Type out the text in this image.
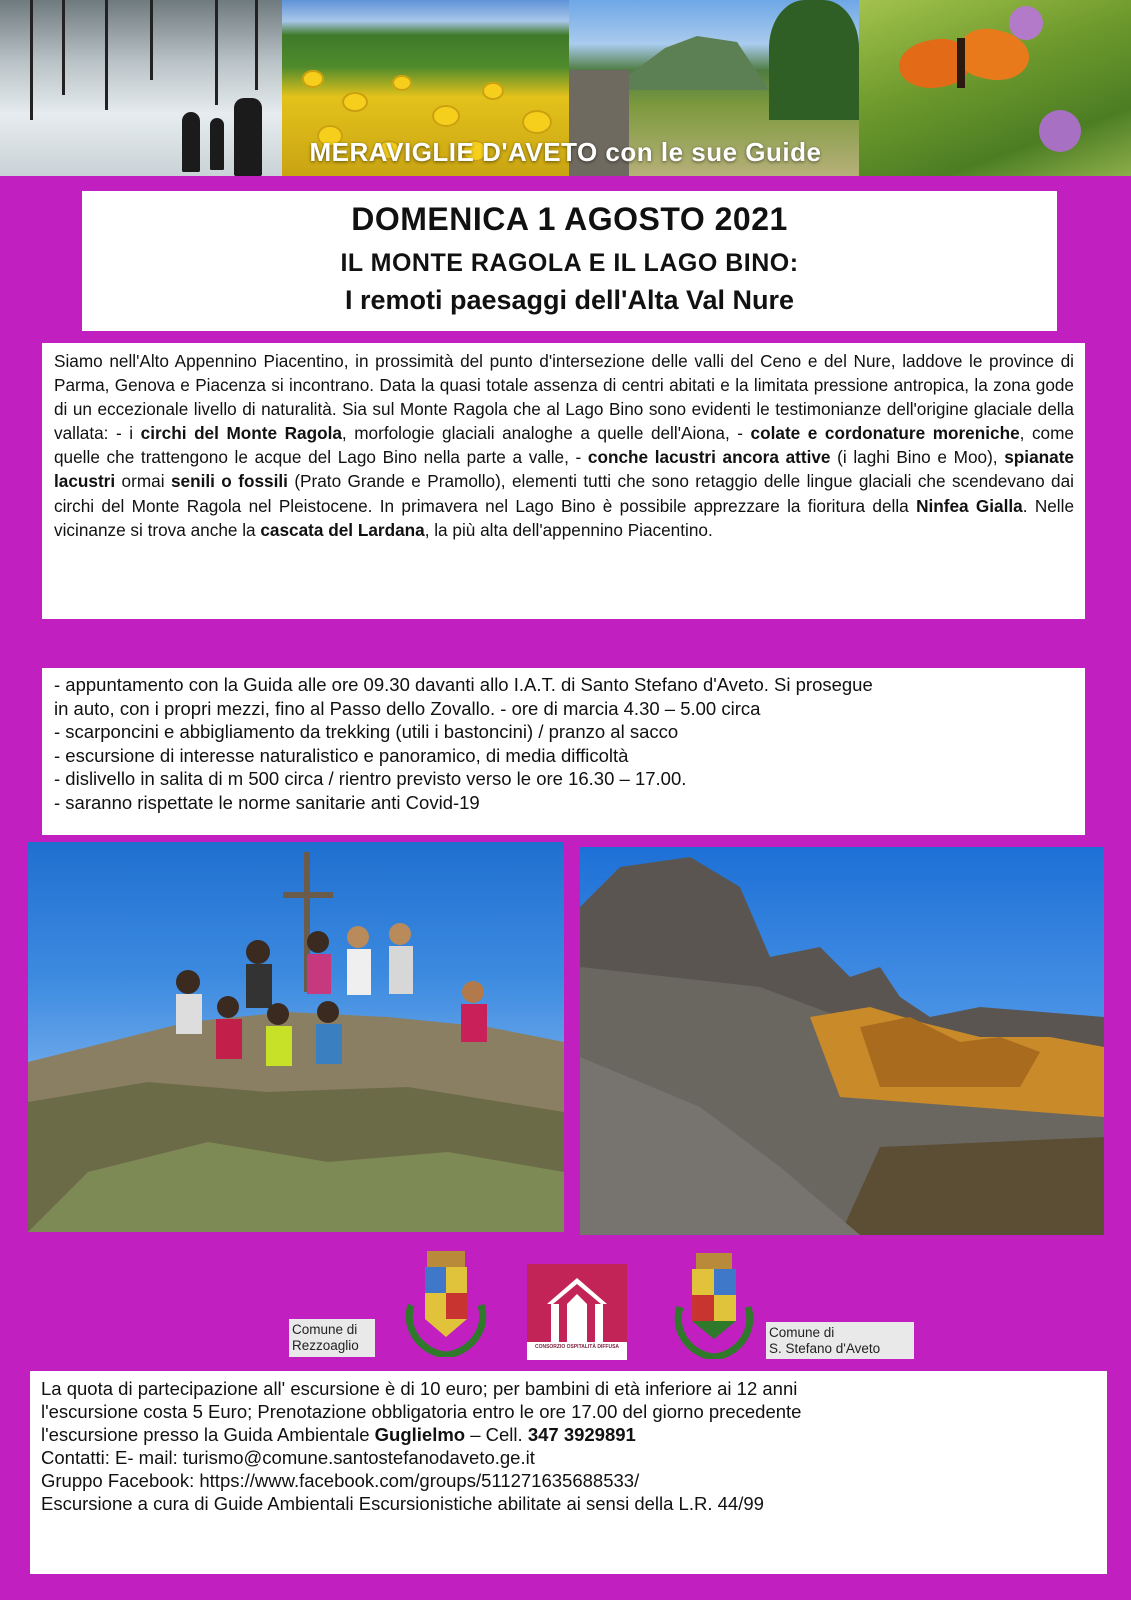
MERAVIGLIE D'AVETO con le sue Guide
DOMENICA 1 AGOSTO 2021
IL MONTE RAGOLA E IL LAGO BINO:
I remoti paesaggi dell'Alta Val Nure
Siamo nell'Alto Appennino Piacentino, in prossimità del punto d'intersezione delle valli del Ceno e del Nure, laddove le province di Parma, Genova e Piacenza si incontrano. Data la quasi totale assenza di centri abitati e la limitata pressione antropica, la zona gode di un eccezionale livello di naturalità. Sia sul Monte Ragola che al Lago Bino sono evidenti le testimonianze dell'origine glaciale della vallata: - i circhi del Monte Ragola, morfologie glaciali analoghe a quelle dell'Aiona, - colate e cordonature moreniche, come quelle che trattengono le acque del Lago Bino nella parte a valle, - conche lacustri ancora attive (i laghi Bino e Moo), spianate lacustri ormai senili o fossili (Prato Grande e Pramollo), elementi tutti che sono retaggio delle lingue glaciali che scendevano dai circhi del Monte Ragola nel Pleistocene. In primavera nel Lago Bino è possibile apprezzare la fioritura della Ninfea Gialla. Nelle vicinanze si trova anche la cascata del Lardana, la più alta dell'appennino Piacentino.
- appuntamento con la Guida alle ore 09.30 davanti allo I.A.T. di Santo Stefano d'Aveto. Si prosegue
in auto, con i propri mezzi, fino al Passo dello Zovallo. - ore di marcia 4.30 – 5.00 circa
- scarponcini e abbigliamento da trekking (utili i bastoncini) / pranzo al sacco
- escursione di interesse naturalistico e panoramico, di media difficoltà
- dislivello in salita di m 500 circa / rientro previsto verso le ore 16.30 – 17.00.
- saranno rispettate le norme sanitarie anti Covid-19
Comune di
Rezzoaglio	CONSORZIO OSPITALITÀ DIFFUSA
Comune di
S. Stefano d'Aveto
La quota di partecipazione all' escursione è di 10 euro; per bambini di età inferiore ai 12 anni
l'escursione costa 5 Euro; Prenotazione obbligatoria entro le ore 17.00 del giorno precedente
l'escursione presso la Guida Ambientale Guglielmo – Cell. 347 3929891
Contatti: E- mail: turismo@comune.santostefanodaveto.ge.it
Gruppo Facebook: https://www.facebook.com/groups/511271635688533/
Escursione a cura di Guide Ambientali Escursionistiche abilitate ai sensi della L.R. 44/99
